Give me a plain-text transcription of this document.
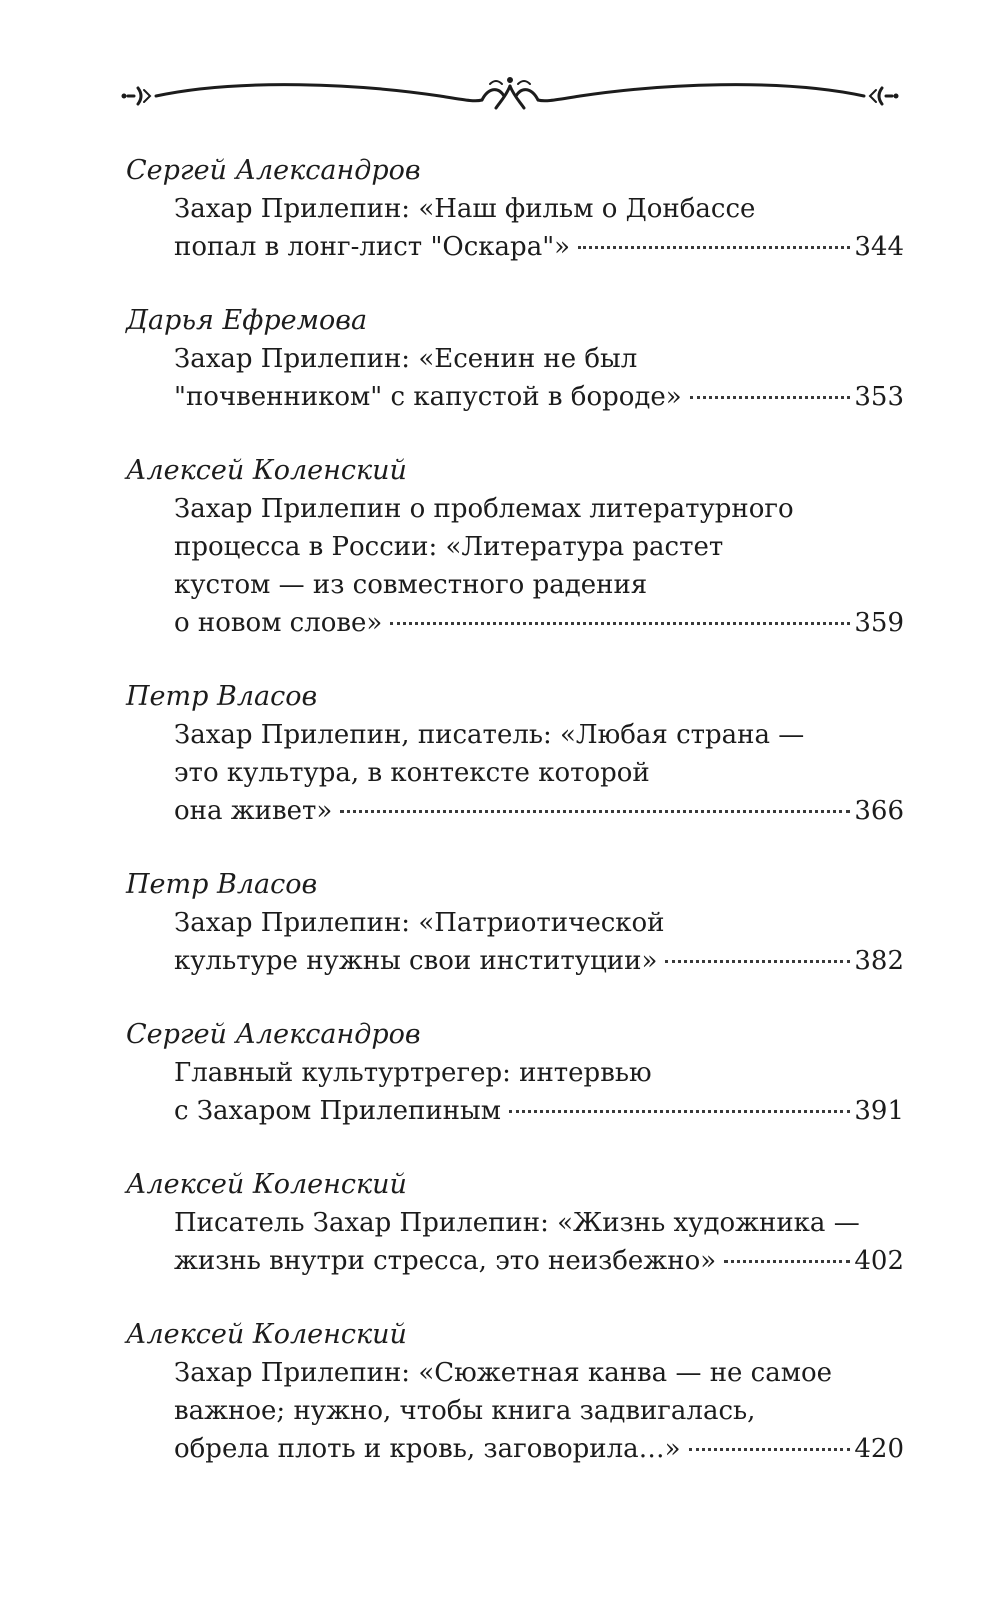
Сергей Александров
Захар Прилепин: «Наш фильм о Донбассе
попал в лонг-лист "Оскара"»	344
Дарья Ефремова
Захар Прилепин: «Есенин не был
"почвенником" с капустой в бороде»	353
Алексей Коленский
Захар Прилепин о проблемах литературного
процесса в России: «Литература растет
кустом — из совместного радения
о новом слове»	359
Петр Власов
Захар Прилепин, писатель: «Любая страна —
это культура, в контексте которой
она живет»	366
Петр Власов
Захар Прилепин: «Патриотической
культуре нужны свои институции»	382
Сергей Александров
Главный культуртрегер: интервью
с Захаром Прилепиным	391
Алексей Коленский
Писатель Захар Прилепин: «Жизнь художника —
жизнь внутри стресса, это неизбежно»	402
Алексей Коленский
Захар Прилепин: «Сюжетная канва — не самое
важное; нужно, чтобы книга задвигалась,
обрела плоть и кровь, заговорила…»	420
